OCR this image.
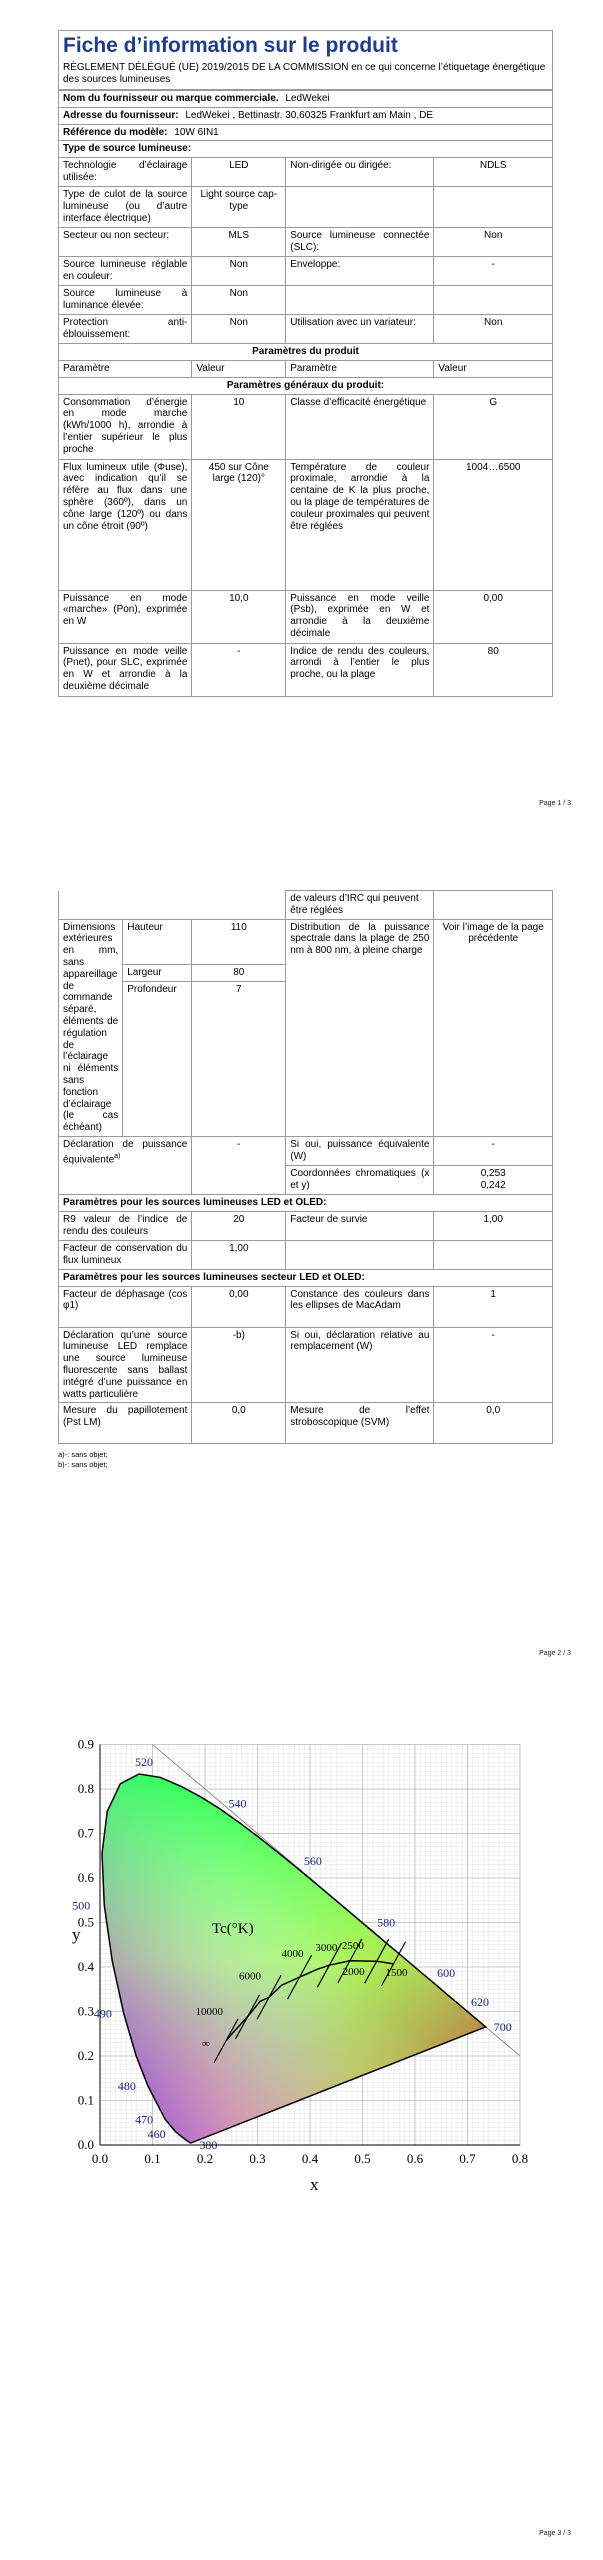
Fiche d’information sur le produit
RÈGLEMENT DÉLÉGUÉ (UE) 2019/2015 DE LA COMMISSION en ce qui concerne l’étiquetage énergétique des sources lumineuses
Nom du fournisseur ou marque commerciale. LedWekei			
Adresse du fournisseur: LedWekei , Bettinastr. 30,60325 Frankfurt am Main , DE			
Référence du modèle: 10W 6IN1			
Type de source lumineuse:			
Technologie d’éclairage utilisée:	LED	Non-dirigée ou dirigée:	NDLS
Type de culot de la source lumineuse (ou d’autre interface électrique)	Light source cap-type		
Secteur ou non secteur:	MLS	Source lumineuse connectée (SLC):	Non
Source lumineuse réglable en couleur:	Non	Enveloppe:	-
Source lumineuse à luminance élevée:	Non		
Protection anti-éblouissement:	Non	Utilisation avec un variateur:	Non
Paramètres du produit			
Paramètre	Valeur	Paramètre	Valeur
Paramètres généraux du produit:			
Consommation d’énergie en mode marche (kWh/1000 h), arrondie à l’entier supérieur le plus proche	10	Classe d’efficacité énergétique	G
Flux lumineux utile (Φuse), avec indication qu’il se réfère au flux dans une sphère (360º), dans un cône large (120º) ou dans un cône étroit (90º)	450 sur Cône large (120)°	Température de couleur proximale, arrondie à la centaine de K la plus proche, ou la plage de températures de couleur proximales qui peuvent être réglées	1004…6500
Puissance en mode «marche» (Pon), exprimée en W	10,0	Puissance en mode veille (Psb), exprimée en W et arrondie à la deuxième décimale	0,00
Puissance en mode veille (Pnet), pour SLC, exprimée en W et arrondie à la deuxième décimale	-	Indice de rendu des couleurs, arrondi à l’entier le plus proche, ou la plage	80
Page 1 / 3
			de valeurs d’IRC qui peuvent être réglées	
Dimensions extérieures en mm, sans appareillage de commande séparé, éléments de régulation de l’éclairage ni éléments sans fonction d’éclairage (le cas échéant)	Hauteur	110	Distribution de la puissance spectrale dans la plage de 250 nm à 800 nm, à pleine charge	Voir l’image de la page précédente
	Largeur	80		
	Profondeur	7		
Déclaration de puissance équivalente$^{a)}$		-	Si oui, puissance équivalente (W)	-
			Coordonnées chromatiques (x et y)	0,253
0,242

Paramètres pour les sources lumineuses LED et OLED:				
R9 valeur de l’indice de rendu des couleurs		20	Facteur de survie	1,00
Facteur de conservation du flux lumineux		1,00		
Paramètres pour les sources lumineuses secteur LED et OLED:				
Facteur de déphasage (cos φ1)		0,00	Constance des couleurs dans les ellipses de MacAdam	1
Déclaration qu’une source lumineuse LED remplace une source lumineuse fluorescente sans ballast intégré d’une puissance en watts particulière		-b)	Si oui, déclaration relative au remplacement (W)	-
Mesure du papillotement (Pst LM)		0,0	Mesure de l’effet stroboscopique (SVM)	0,0
a)-: sans objet;
b)-: sans objet;
Page 2 / 3
10000
6000
4000
3000 2500
2000 1500
∞
380
460
470
480
490
500
520
540
560
580
600
620
700
0.0	0.1	0.2	0.3	0.4	0.5	0.6	0.7	0.8
0.0
0.1
0.2
0.3
0.4
0.5
0.6
0.7
0.8
0.9
y
x
Tc(°K)
Page 3 / 3
